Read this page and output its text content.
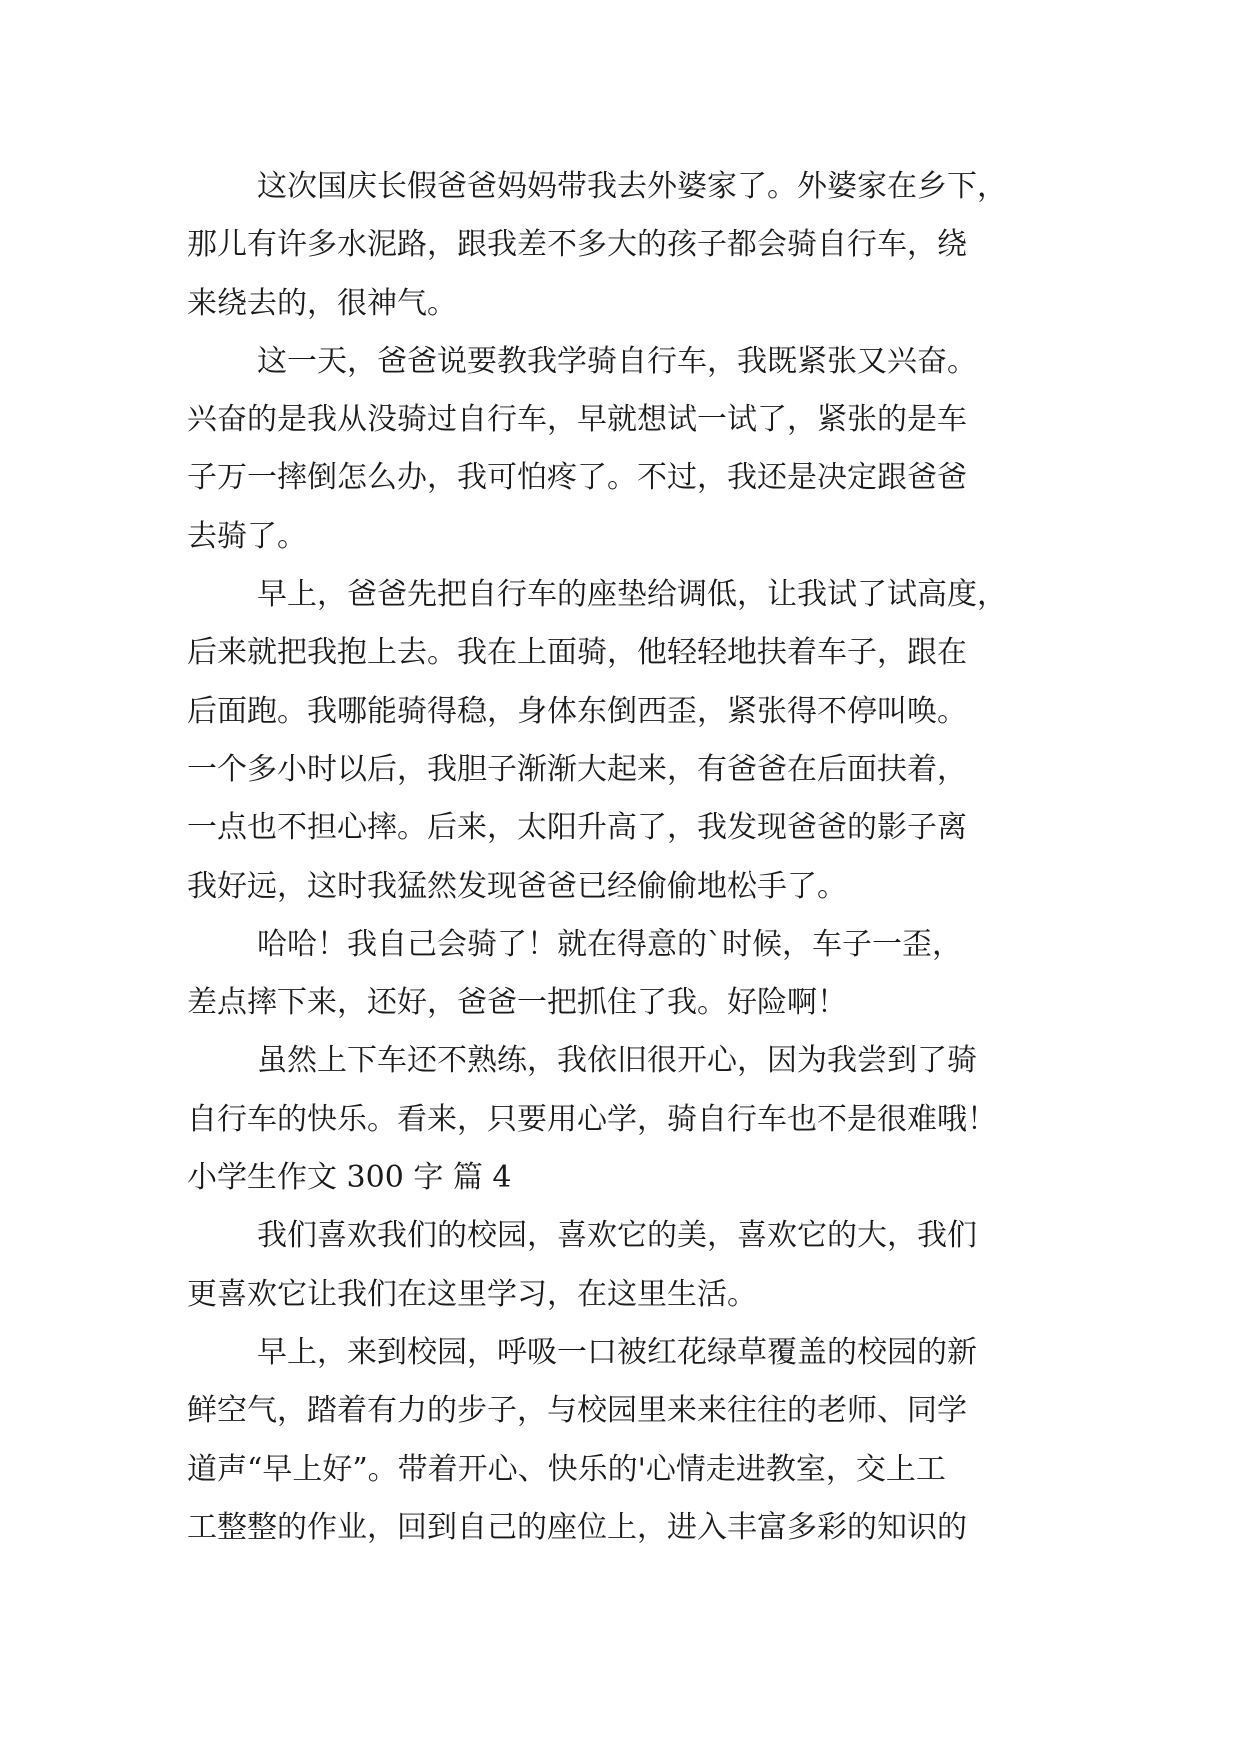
这次国庆长假爸爸妈妈带我去外婆家了。外婆家在乡下，
那儿有许多水泥路，跟我差不多大的孩子都会骑自行车，绕
来绕去的，很神气。
这一天，爸爸说要教我学骑自行车，我既紧张又兴奋。
兴奋的是我从没骑过自行车，早就想试一试了，紧张的是车
子万一摔倒怎么办，我可怕疼了。不过，我还是决定跟爸爸
去骑了。
早上，爸爸先把自行车的座垫给调低，让我试了试高度，
后来就把我抱上去。我在上面骑，他轻轻地扶着车子，跟在
后面跑。我哪能骑得稳，身体东倒西歪，紧张得不停叫唤。
一个多小时以后，我胆子渐渐大起来，有爸爸在后面扶着，
一点也不担心摔。后来，太阳升高了，我发现爸爸的影子离
我好远，这时我猛然发现爸爸已经偷偷地松手了。
哈哈！我自己会骑了！就在得意的`时候，车子一歪，
差点摔下来，还好，爸爸一把抓住了我。好险啊！
虽然上下车还不熟练，我依旧很开心，因为我尝到了骑
自行车的快乐。看来，只要用心学，骑自行车也不是很难哦！
小学生作文 300 字 篇 4
我们喜欢我们的校园，喜欢它的美，喜欢它的大，我们
更喜欢它让我们在这里学习，在这里生活。
早上，来到校园，呼吸一口被红花绿草覆盖的校园的新
鲜空气，踏着有力的步子，与校园里来来往往的老师、同学
道声“早上好”。带着开心、快乐的'心情走进教室，交上工
工整整的作业，回到自己的座位上，进入丰富多彩的知识的
